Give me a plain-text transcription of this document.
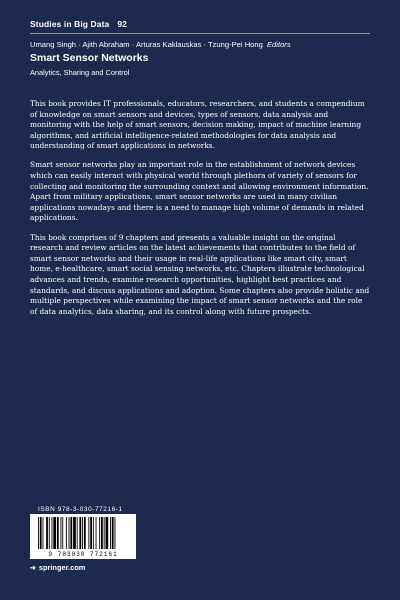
Studies in Big Data 92
Umang Singh · Ajith Abraham · Arturas Kaklauskas · Tzung-Pei Hong Editors
Smart Sensor Networks
Analytics, Sharing and Control

This book provides IT professionals, educators, researchers, and students a compendium of knowledge on smart sensors and devices, types of sensors, data analysis and monitoring with the help of smart sensors, decision making, impact of machine learning algorithms, and artificial intelligence-related methodologies for data analysis and understanding of smart applications in networks.

Smart sensor networks play an important role in the establishment of network devices which can easily interact with physical world through plethora of variety of sensors for collecting and monitoring the surrounding context and allowing environment information. Apart from military applications, smart sensor networks are used in many civilian applications nowadays and there is a need to manage high volume of demands in related applications.

This book comprises of 9 chapters and presents a valuable insight on the original research and review articles on the latest achievements that contributes to the field of smart sensor networks and their usage in real-life applications like smart city, smart home, e-healthcare, smart social sensing networks, etc. Chapters illustrate technological advances and trends, examine research opportunities, highlight best practices and standards, and discuss applications and adoption. Some chapters also provide holistic and multiple perspectives while examining the impact of smart sensor networks and the role of data analytics, data sharing, and its control along with future prospects.

ISBN 978-3-030-77216-1
9 783030 772161
➜ springer.com
